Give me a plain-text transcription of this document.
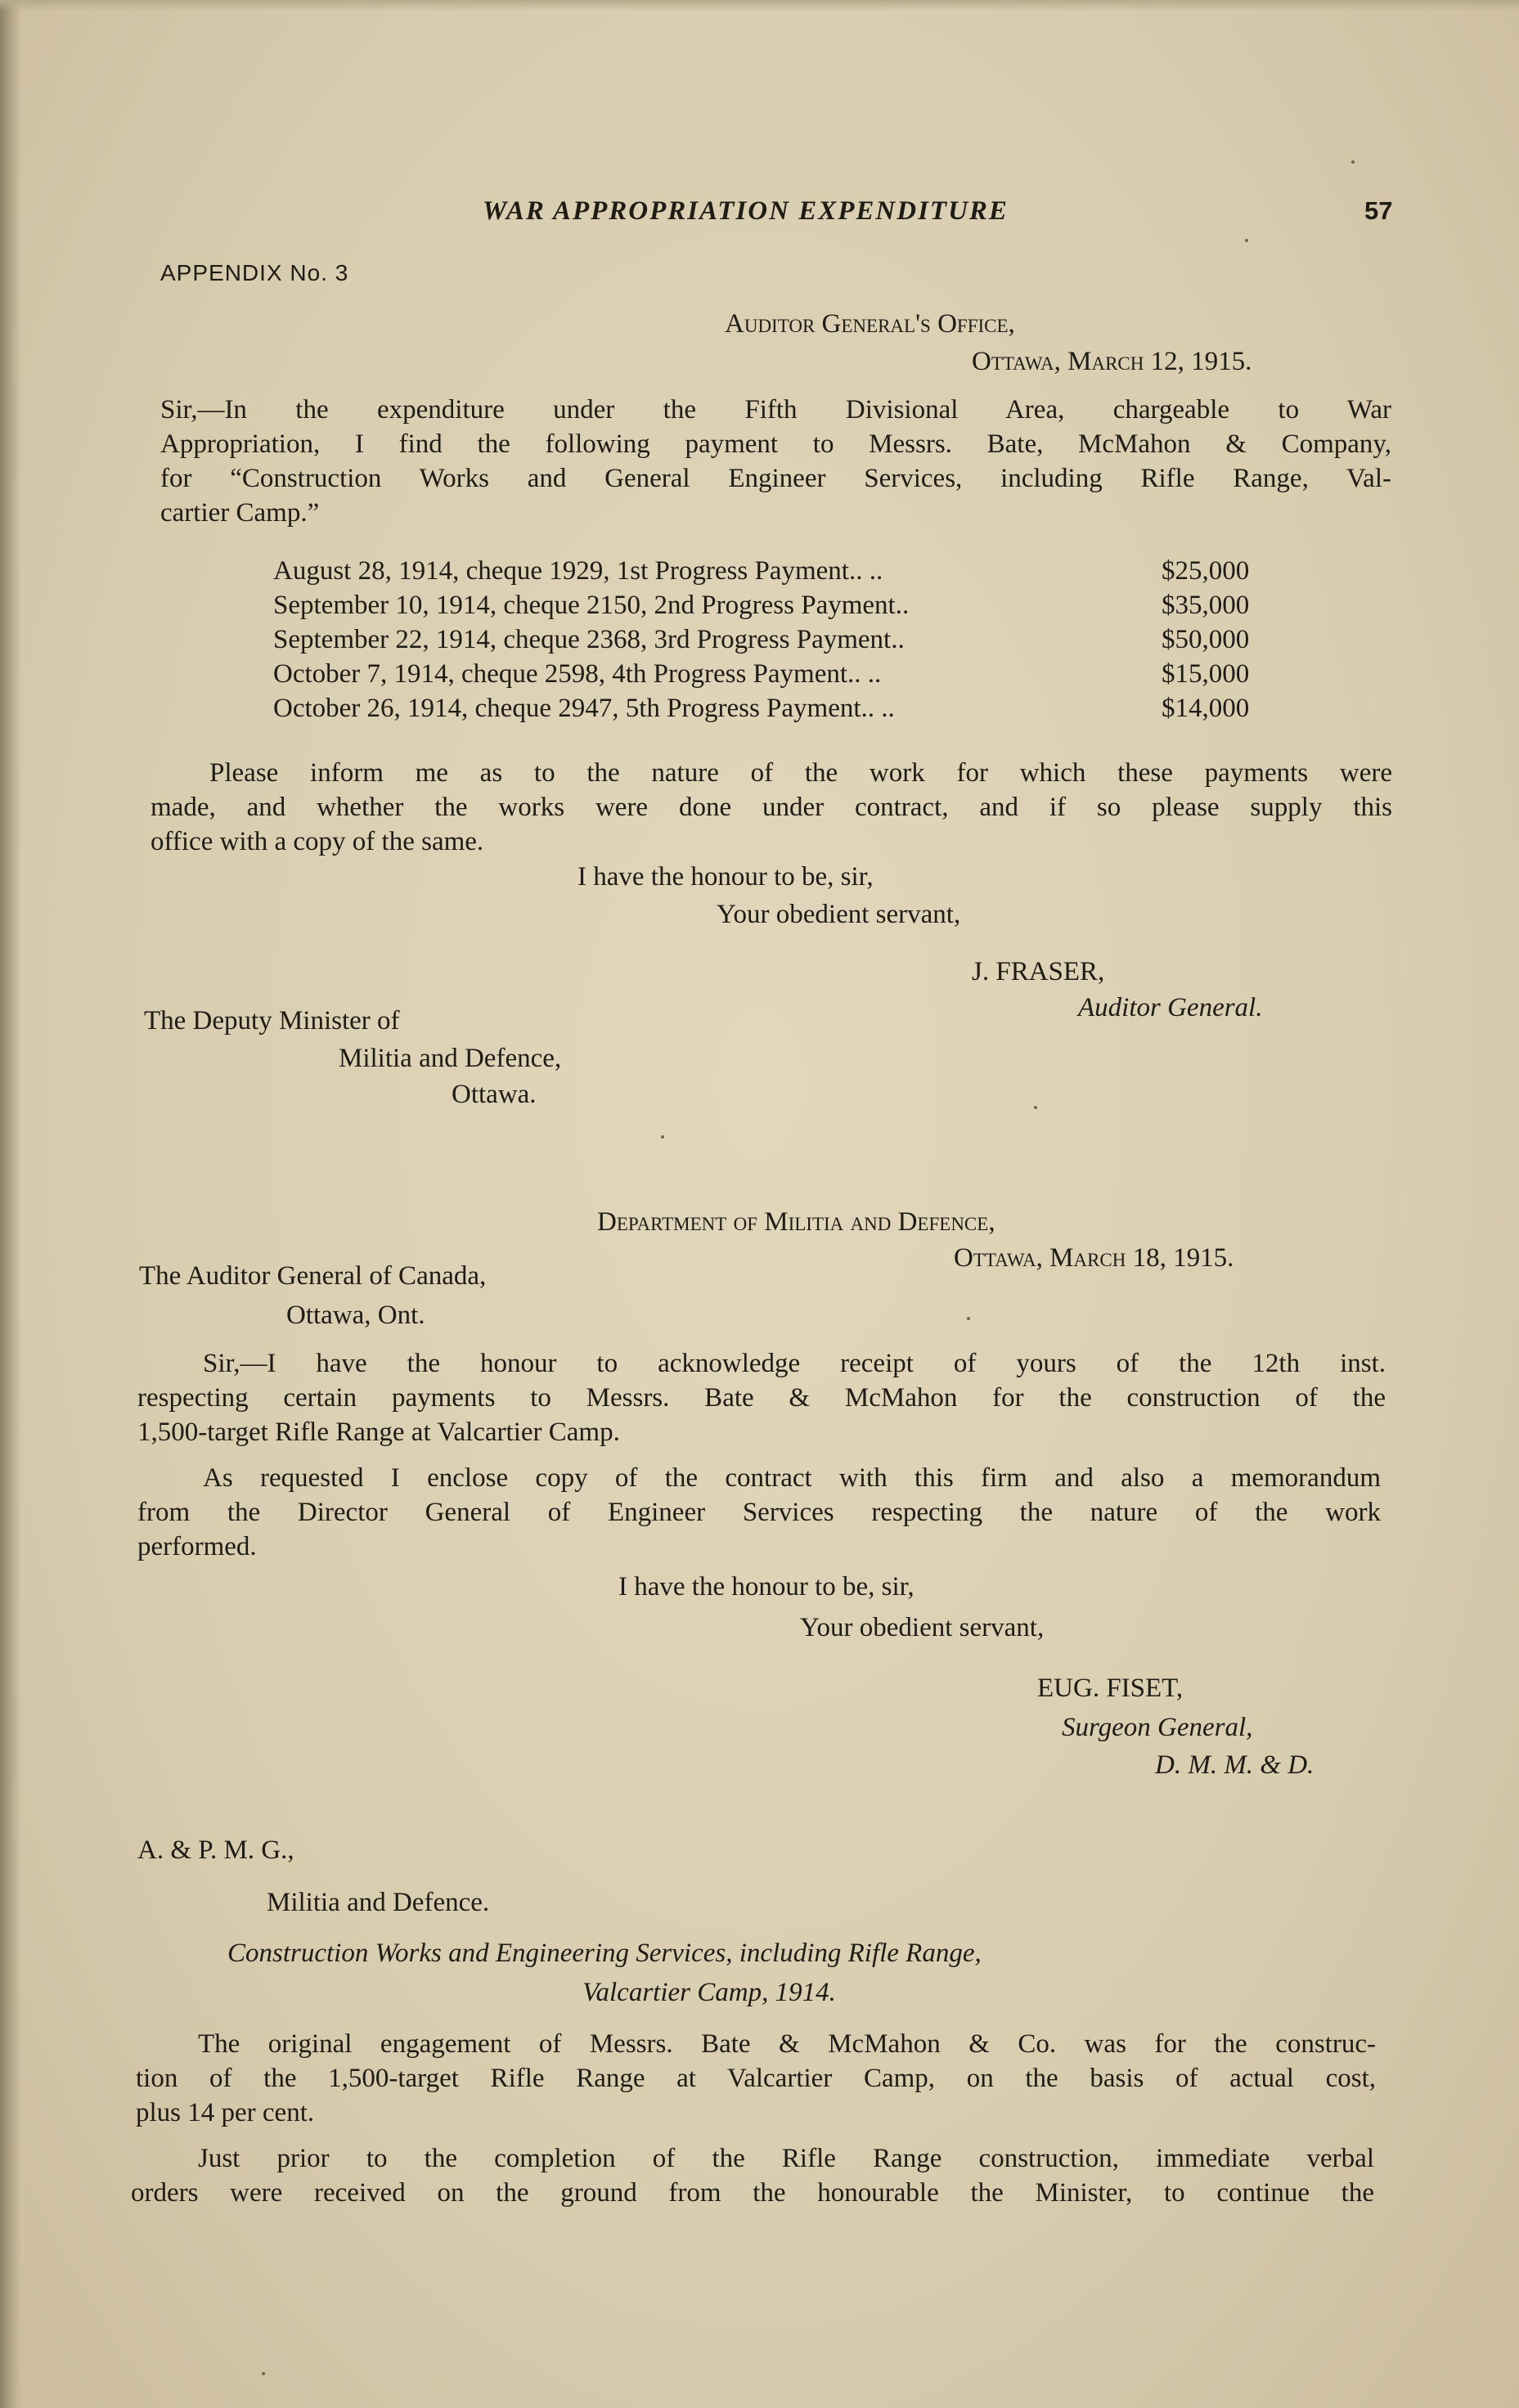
WAR APPROPRIATION EXPENDITURE	57
APPENDIX No. 3
Auditor General's Office,
Ottawa, March 12, 1915.
Sir,—In the expenditure under the Fifth Divisional Area, chargeable to War
Appropriation, I find the following payment to Messrs. Bate, McMahon & Company,
for “Construction Works and General Engineer Services, including Rifle Range, Val-
cartier Camp.”
August 28, 1914, cheque 1929, 1st Progress Payment.. ..	$25,000
September 10, 1914, cheque 2150, 2nd Progress Payment..	$35,000
September 22, 1914, cheque 2368, 3rd Progress Payment..	$50,000
October 7, 1914, cheque 2598, 4th Progress Payment.. ..	$15,000
October 26, 1914, cheque 2947, 5th Progress Payment.. ..	$14,000
Please inform me as to the nature of the work for which these payments were
made, and whether the works were done under contract, and if so please supply this
office with a copy of the same.
I have the honour to be, sir,
Your obedient servant,
J. FRASER,
Auditor General.
The Deputy Minister of
Militia and Defence,
Ottawa.
Department of Militia and Defence,
Ottawa, March 18, 1915.
The Auditor General of Canada,
Ottawa, Ont.
Sir,—I have the honour to acknowledge receipt of yours of the 12th inst.
respecting certain payments to Messrs. Bate & McMahon for the construction of the
1,500-target Rifle Range at Valcartier Camp.
As requested I enclose copy of the contract with this firm and also a memorandum
from the Director General of Engineer Services respecting the nature of the work
performed.
I have the honour to be, sir,
Your obedient servant,
EUG. FISET,
Surgeon General,
D. M. M. & D.
A. & P. M. G.,
Militia and Defence.
Construction Works and Engineering Services, including Rifle Range,
Valcartier Camp, 1914.
The original engagement of Messrs. Bate & McMahon & Co. was for the construc-
tion of the 1,500-target Rifle Range at Valcartier Camp, on the basis of actual cost,
plus 14 per cent.
Just prior to the completion of the Rifle Range construction, immediate verbal
orders were received on the ground from the honourable the Minister, to continue the
